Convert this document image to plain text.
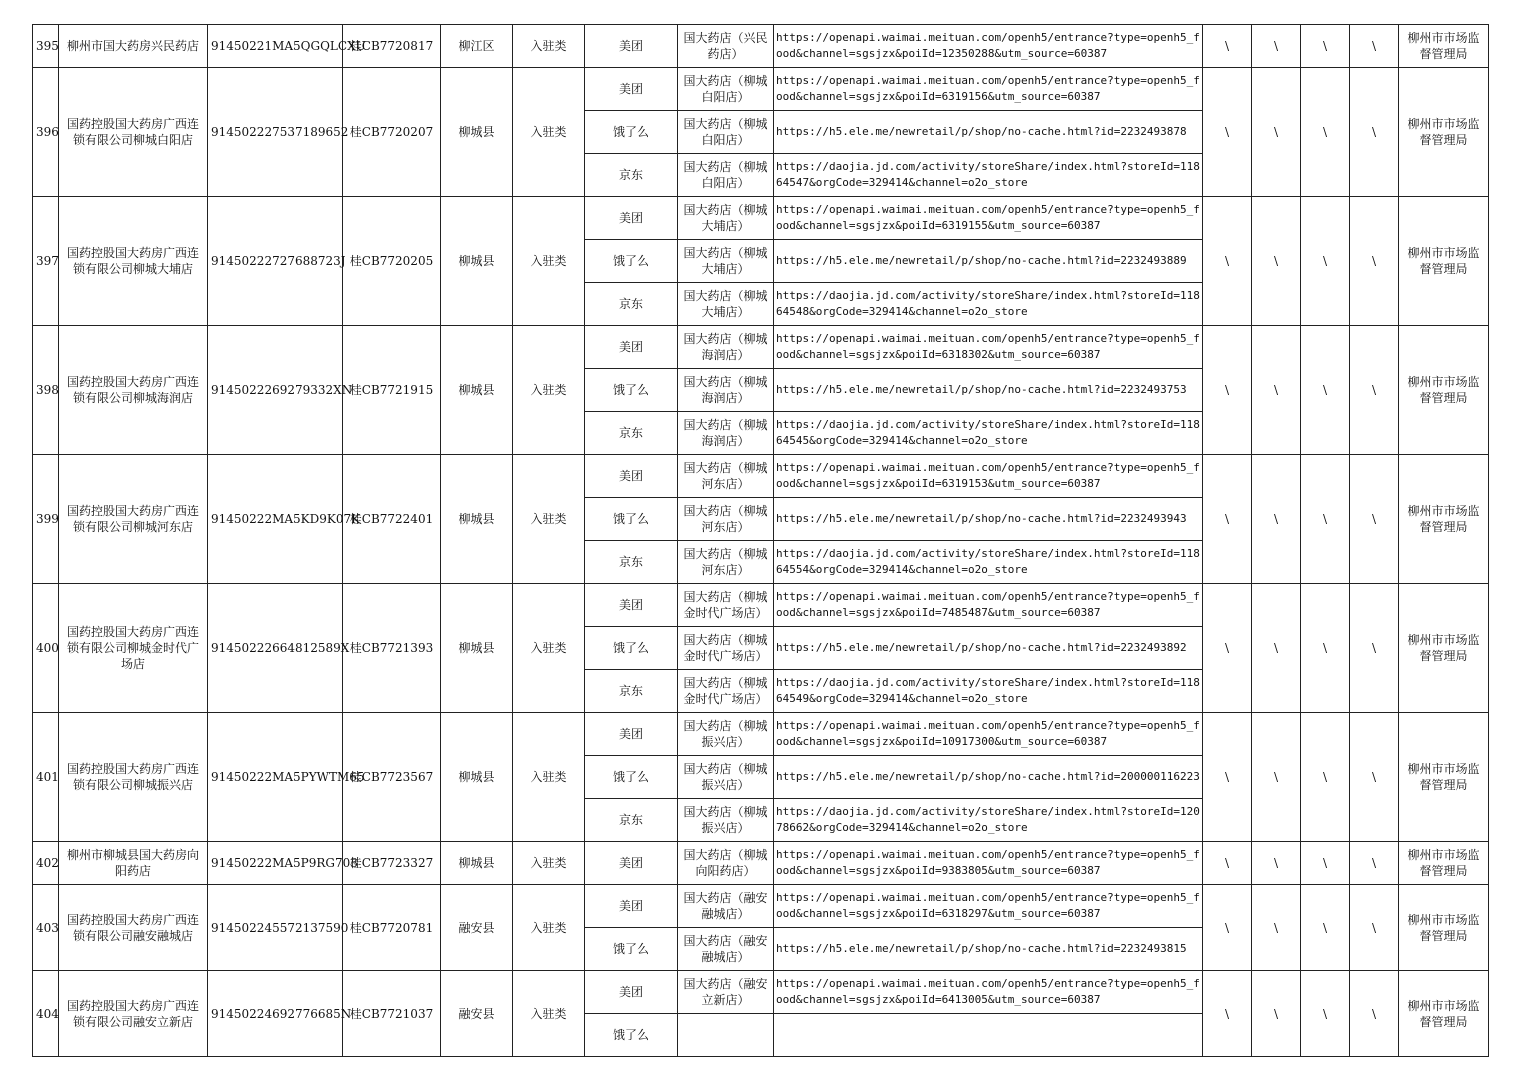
395	柳州市国大药房兴民药店	91450221MA5QGQLCXU	桂CB7720817	柳江区	入驻类	美团	国大药店（兴民药店）	https://openapi.waimai.meituan.com/openh5/entrance?type=openh5_food&channel=sgsjzx&poiId=12350288&utm_source=60387	\	\	\	\	柳州市市场监督管理局
396	国药控股国大药房广西连锁有限公司柳城白阳店	914502227537189652	桂CB7720207	柳城县	入驻类	美团	国大药店（柳城白阳店）	https://openapi.waimai.meituan.com/openh5/entrance?type=openh5_food&channel=sgsjzx&poiId=6319156&utm_source=60387	\	\	\	\	柳州市市场监督管理局
						饿了么	国大药店（柳城白阳店）	https://h5.ele.me/newretail/p/shop/no-cache.html?id=2232493878					
						京东	国大药店（柳城白阳店）	https://daojia.jd.com/activity/storeShare/index.html?storeId=11864547&orgCode=329414&channel=o2o_store					
397	国药控股国大药房广西连锁有限公司柳城大埔店	91450222727688723J	桂CB7720205	柳城县	入驻类	美团	国大药店（柳城大埔店）	https://openapi.waimai.meituan.com/openh5/entrance?type=openh5_food&channel=sgsjzx&poiId=6319155&utm_source=60387	\	\	\	\	柳州市市场监督管理局
						饿了么	国大药店（柳城大埔店）	https://h5.ele.me/newretail/p/shop/no-cache.html?id=2232493889					
						京东	国大药店（柳城大埔店）	https://daojia.jd.com/activity/storeShare/index.html?storeId=11864548&orgCode=329414&channel=o2o_store					
398	国药控股国大药房广西连锁有限公司柳城海润店	9145022269279332XN	桂CB7721915	柳城县	入驻类	美团	国大药店（柳城海润店）	https://openapi.waimai.meituan.com/openh5/entrance?type=openh5_food&channel=sgsjzx&poiId=6318302&utm_source=60387	\	\	\	\	柳州市市场监督管理局
						饿了么	国大药店（柳城海润店）	https://h5.ele.me/newretail/p/shop/no-cache.html?id=2232493753					
						京东	国大药店（柳城海润店）	https://daojia.jd.com/activity/storeShare/index.html?storeId=11864545&orgCode=329414&channel=o2o_store					
399	国药控股国大药房广西连锁有限公司柳城河东店	91450222MA5KD9K07K	桂CB7722401	柳城县	入驻类	美团	国大药店（柳城河东店）	https://openapi.waimai.meituan.com/openh5/entrance?type=openh5_food&channel=sgsjzx&poiId=6319153&utm_source=60387	\	\	\	\	柳州市市场监督管理局
						饿了么	国大药店（柳城河东店）	https://h5.ele.me/newretail/p/shop/no-cache.html?id=2232493943					
						京东	国大药店（柳城河东店）	https://daojia.jd.com/activity/storeShare/index.html?storeId=11864554&orgCode=329414&channel=o2o_store					
400	国药控股国大药房广西连锁有限公司柳城金时代广场店	91450222664812589X	桂CB7721393	柳城县	入驻类	美团	国大药店（柳城金时代广场店）	https://openapi.waimai.meituan.com/openh5/entrance?type=openh5_food&channel=sgsjzx&poiId=7485487&utm_source=60387	\	\	\	\	柳州市市场监督管理局
						饿了么	国大药店（柳城金时代广场店）	https://h5.ele.me/newretail/p/shop/no-cache.html?id=2232493892					
						京东	国大药店（柳城金时代广场店）	https://daojia.jd.com/activity/storeShare/index.html?storeId=11864549&orgCode=329414&channel=o2o_store					
401	国药控股国大药房广西连锁有限公司柳城振兴店	91450222MA5PYWTM65	桂CB7723567	柳城县	入驻类	美团	国大药店（柳城振兴店）	https://openapi.waimai.meituan.com/openh5/entrance?type=openh5_food&channel=sgsjzx&poiId=10917300&utm_source=60387	\	\	\	\	柳州市市场监督管理局
						饿了么	国大药店（柳城振兴店）	https://h5.ele.me/newretail/p/shop/no-cache.html?id=200000116223					
						京东	国大药店（柳城振兴店）	https://daojia.jd.com/activity/storeShare/index.html?storeId=12078662&orgCode=329414&channel=o2o_store					
402	柳州市柳城县国大药房向阳药店	91450222MA5P9RG703	桂CB7723327	柳城县	入驻类	美团	国大药店（柳城向阳药店）	https://openapi.waimai.meituan.com/openh5/entrance?type=openh5_food&channel=sgsjzx&poiId=9383805&utm_source=60387	\	\	\	\	柳州市市场监督管理局
403	国药控股国大药房广西连锁有限公司融安融城店	914502245572137590	桂CB7720781	融安县	入驻类	美团	国大药店（融安融城店）	https://openapi.waimai.meituan.com/openh5/entrance?type=openh5_food&channel=sgsjzx&poiId=6318297&utm_source=60387	\	\	\	\	柳州市市场监督管理局
						饿了么	国大药店（融安融城店）	https://h5.ele.me/newretail/p/shop/no-cache.html?id=2232493815					
404	国药控股国大药房广西连锁有限公司融安立新店	91450224692776685N	桂CB7721037	融安县	入驻类	美团	国大药店（融安立新店）	https://openapi.waimai.meituan.com/openh5/entrance?type=openh5_food&channel=sgsjzx&poiId=6413005&utm_source=60387	\	\	\	\	柳州市市场监督管理局
						饿了么							
